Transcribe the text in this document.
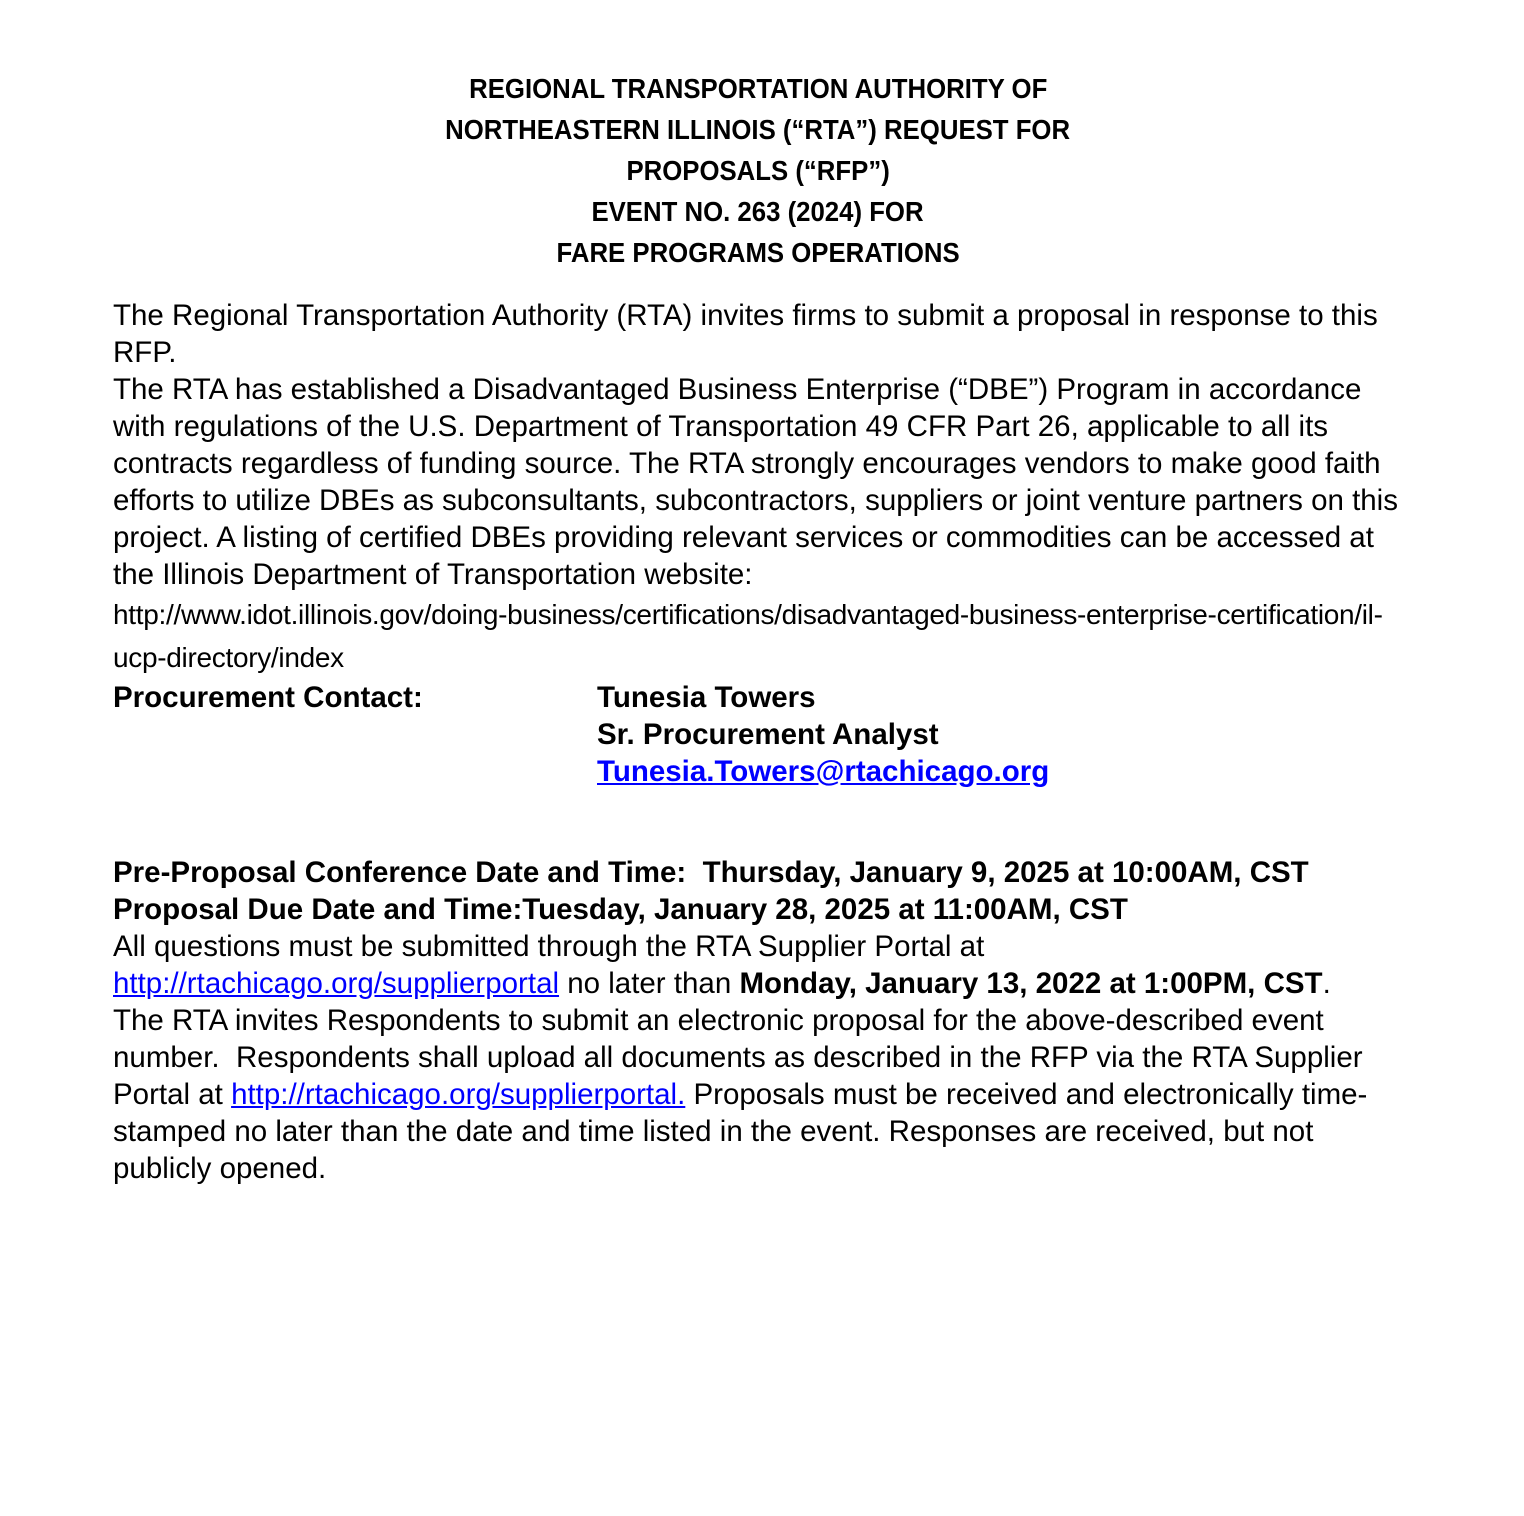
REGIONAL TRANSPORTATION AUTHORITY OF
NORTHEASTERN ILLINOIS (“RTA”) REQUEST FOR
PROPOSALS (“RFP”)
EVENT NO. 263 (2024) FOR
FARE PROGRAMS OPERATIONS

The Regional Transportation Authority (RTA) invites firms to submit a proposal in response to this RFP.

The RTA has established a Disadvantaged Business Enterprise (“DBE”) Program in accordance with regulations of the U.S. Department of Transportation 49 CFR Part 26, applicable to all its contracts regardless of funding source. The RTA strongly encourages vendors to make good faith efforts to utilize DBEs as subconsultants, subcontractors, suppliers or joint venture partners on this project. A listing of certified DBEs providing relevant services or commodities can be accessed at the Illinois Department of Transportation website:

http://www.idot.illinois.gov/doing-business/certifications/disadvantaged-business-enterprise-certification/il-ucp-directory/index

Procurement Contact:	Tunesia Towers
Sr. Procurement Analyst
Tunesia.Towers@rtachicago.org

Pre-Proposal Conference Date and Time:  Thursday, January 9, 2025 at 10:00AM, CST Proposal Due Date and Time:Tuesday, January 28, 2025 at 11:00AM, CST

All questions must be submitted through the RTA Supplier Portal at http://rtachicago.org/supplierportal no later than Monday, January 13, 2022 at 1:00PM, CST.

The RTA invites Respondents to submit an electronic proposal for the above-described event number.  Respondents shall upload all documents as described in the RFP via the RTA Supplier Portal at http://rtachicago.org/supplierportal. Proposals must be received and electronically time-stamped no later than the date and time listed in the event. Responses are received, but not publicly opened.
